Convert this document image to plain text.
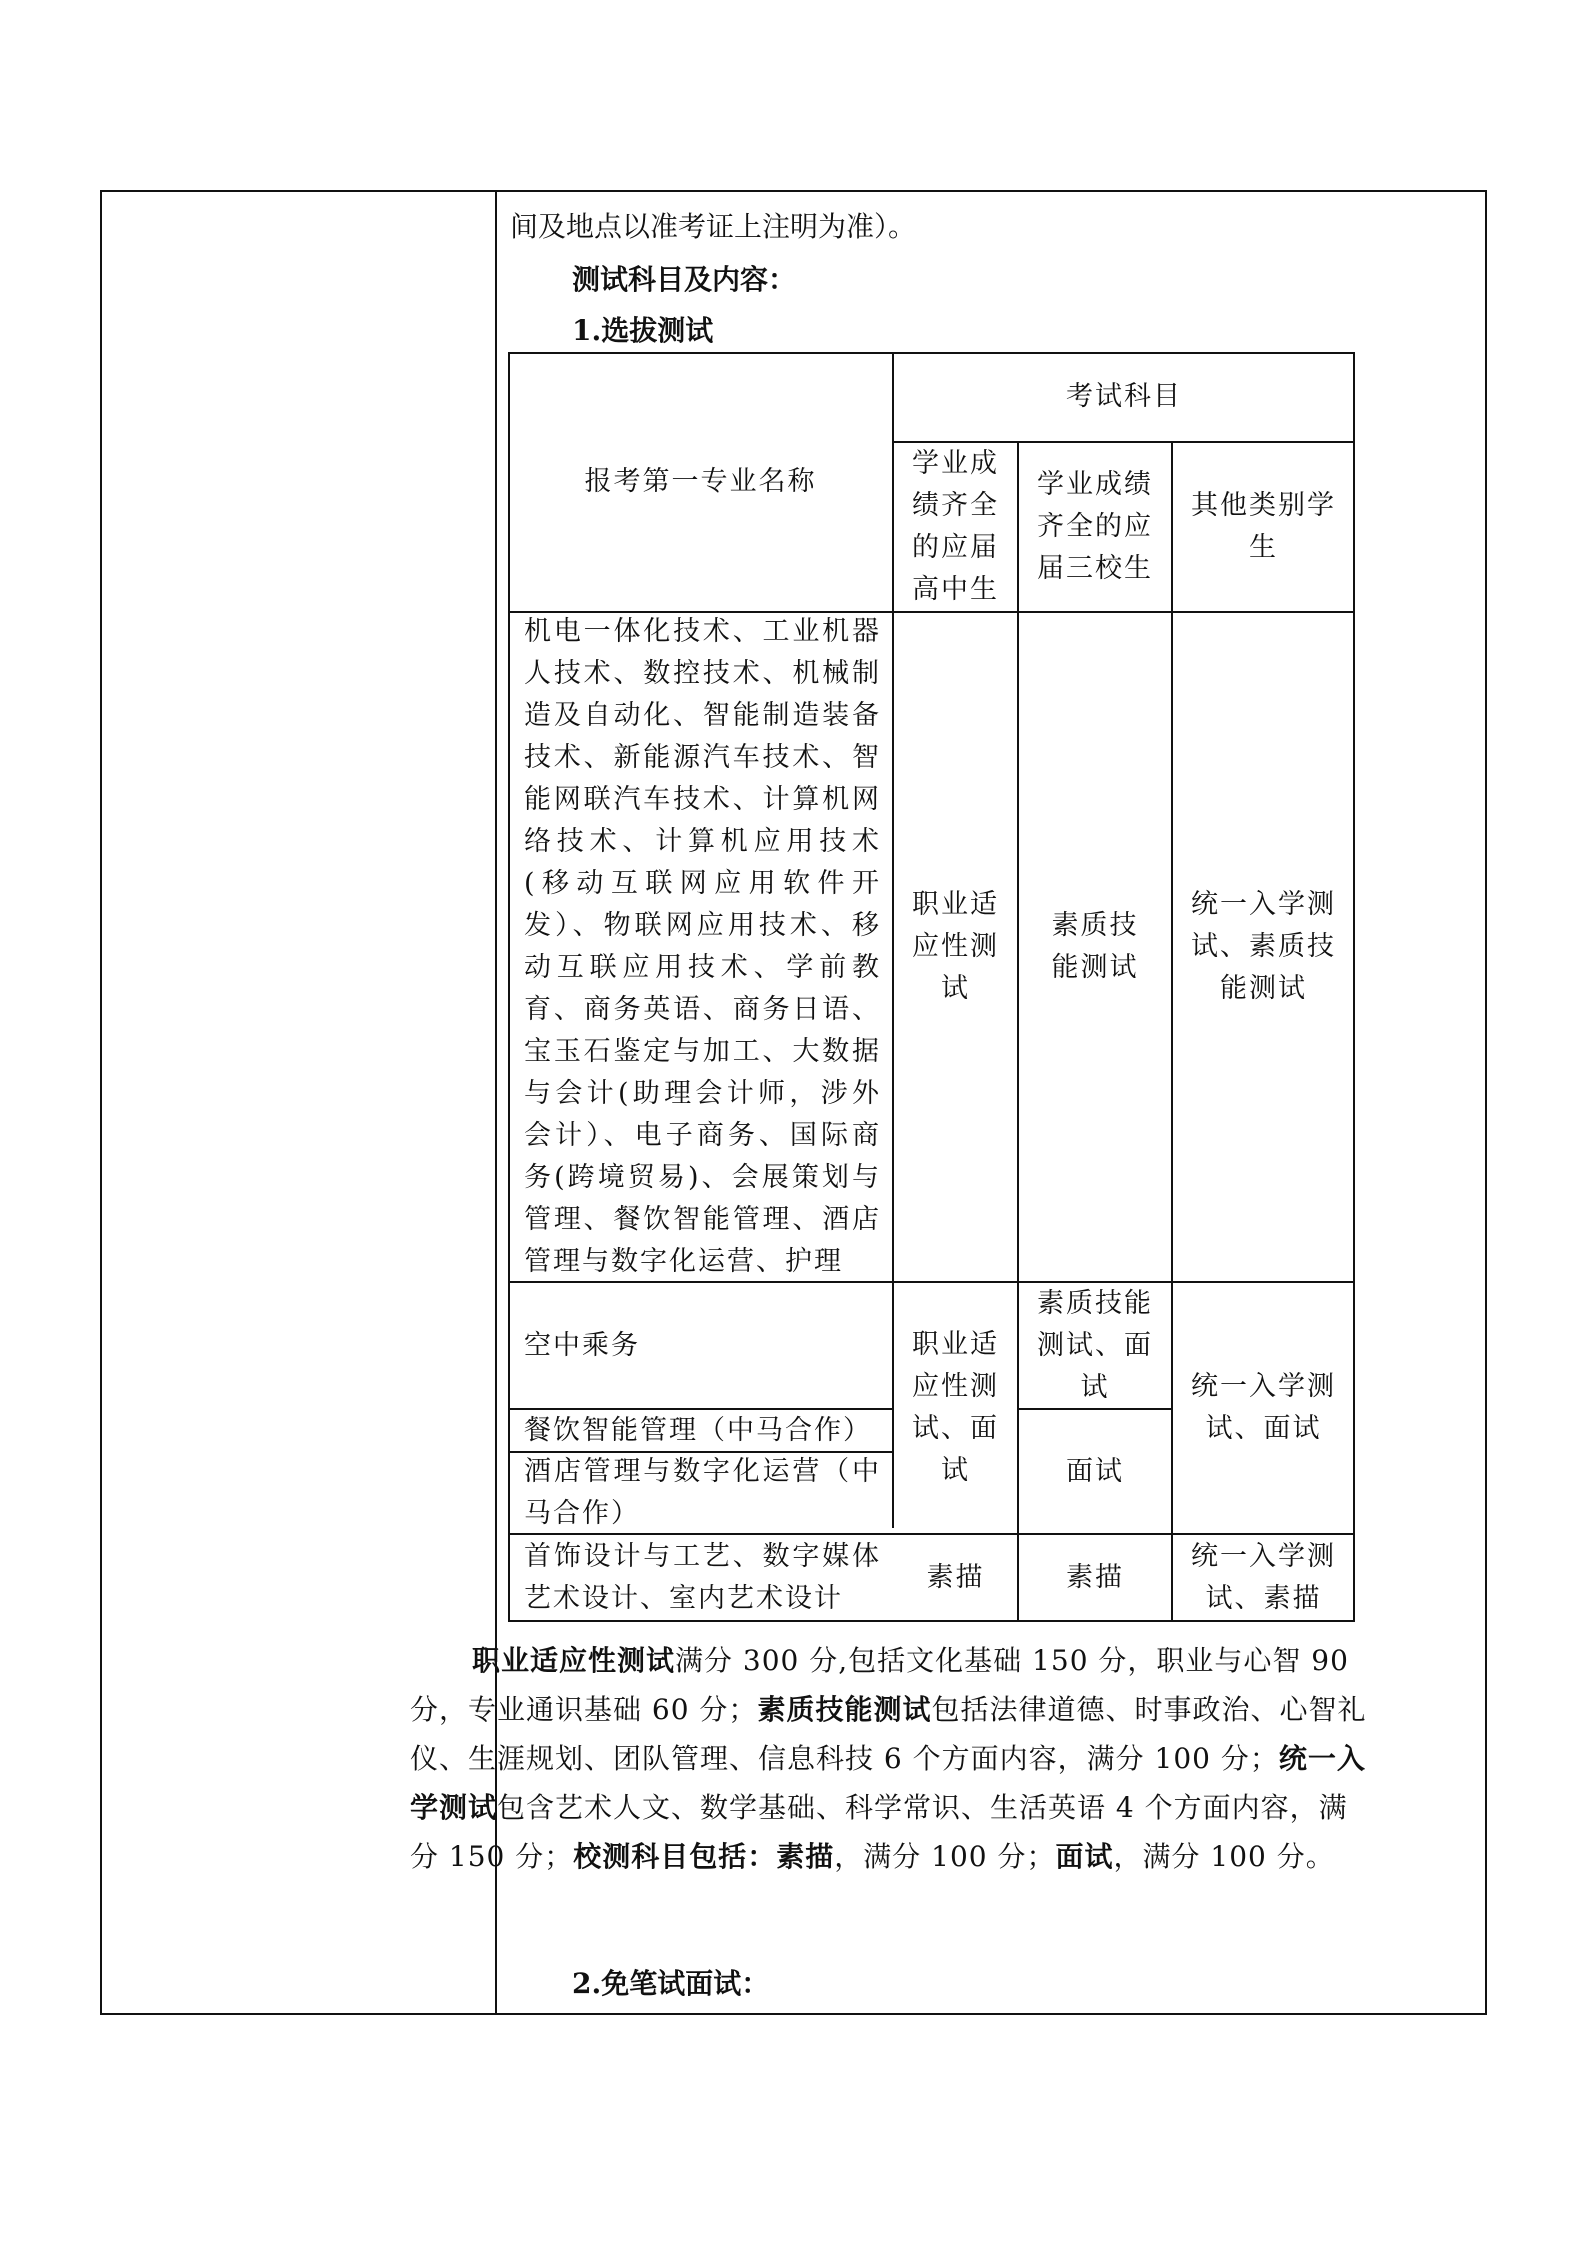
间及地点以准考证上注明为准）。
测试科目及内容：
1.选拔测试
报考第一专业名称
考试科目
学业成绩齐全的应届高中生
学业成绩齐全的应届三校生
其他类别学生
机电一体化技术、工业机器人技术、数控技术、机械制造及自动化、智能制造装备技术、新能源汽车技术、智能网联汽车技术、计算机网络技术、计算机应用技术(移动互联网应用软件开发）、物联网应用技术、移动互联应用技术、学前教育、商务英语、商务日语、宝玉石鉴定与加工、大数据与会计(助理会计师，涉外会计）、电子商务、国际商务(跨境贸易)、会展策划与管理、餐饮智能管理、酒店管理与数字化运营、护理
职业适应性测试
素质技能测试
统一入学测试、素质技能测试
空中乘务
餐饮智能管理（中马合作）
酒店管理与数字化运营（中马合作）
职业适应性测试、面试
素质技能测试、面试
面试
统一入学测试、面试
首饰设计与工艺、数字媒体艺术设计、室内艺术设计
素描	素描
统一入学测试、素描
职业适应性测试满分 300 分,包括文化基础 150 分，职业与心智 90 分，专业通识基础 60 分；素质技能测试包括法律道德、时事政治、心智礼仪、生涯规划、团队管理、信息科技 6 个方面内容，满分 100 分；统一入学测试包含艺术人文、数学基础、科学常识、生活英语 4 个方面内容，满分 150 分；校测科目包括：素描，满分 100 分；面试，满分 100 分。
2.免笔试面试：
